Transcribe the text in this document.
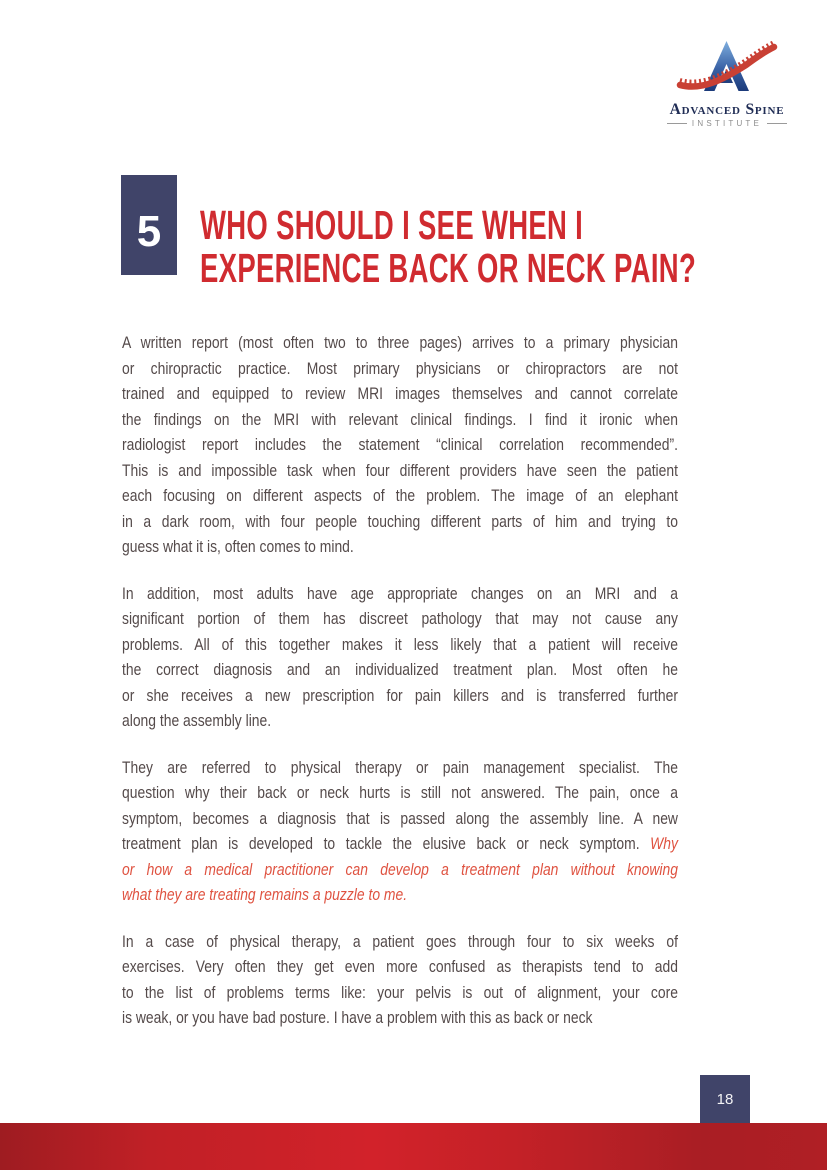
Advanced Spine
INSTITUTE
5 WHO SHOULD I SEE WHEN I
EXPERIENCE BACK OR NECK PAIN?
A written report (most often two to three pages) arrives to a primary physician
or chiropractic practice. Most primary physicians or chiropractors are not
trained and equipped to review MRI images themselves and cannot correlate
the findings on the MRI with relevant clinical findings. I find it ironic when
radiologist report includes the statement “clinical correlation recommended”.
This is and impossible task when four different providers have seen the patient
each focusing on different aspects of the problem. The image of an elephant
in a dark room, with four people touching different parts of him and trying to
guess what it is, often comes to mind.
In addition, most adults have age appropriate changes on an MRI and a
significant portion of them has discreet pathology that may not cause any
problems. All of this together makes it less likely that a patient will receive
the correct diagnosis and an individualized treatment plan. Most often he
or she receives a new prescription for pain killers and is transferred further
along the assembly line.
They are referred to physical therapy or pain management specialist. The
question why their back or neck hurts is still not answered. The pain, once a
symptom, becomes a diagnosis that is passed along the assembly line. A new
treatment plan is developed to tackle the elusive back or neck symptom. Why
or how a medical practitioner can develop a treatment plan without knowing
what they are treating remains a puzzle to me.
In a case of physical therapy, a patient goes through four to six weeks of
exercises. Very often they get even more confused as therapists tend to add
to the list of problems terms like: your pelvis is out of alignment, your core
is weak, or you have bad posture. I have a problem with this as back or neck
18
